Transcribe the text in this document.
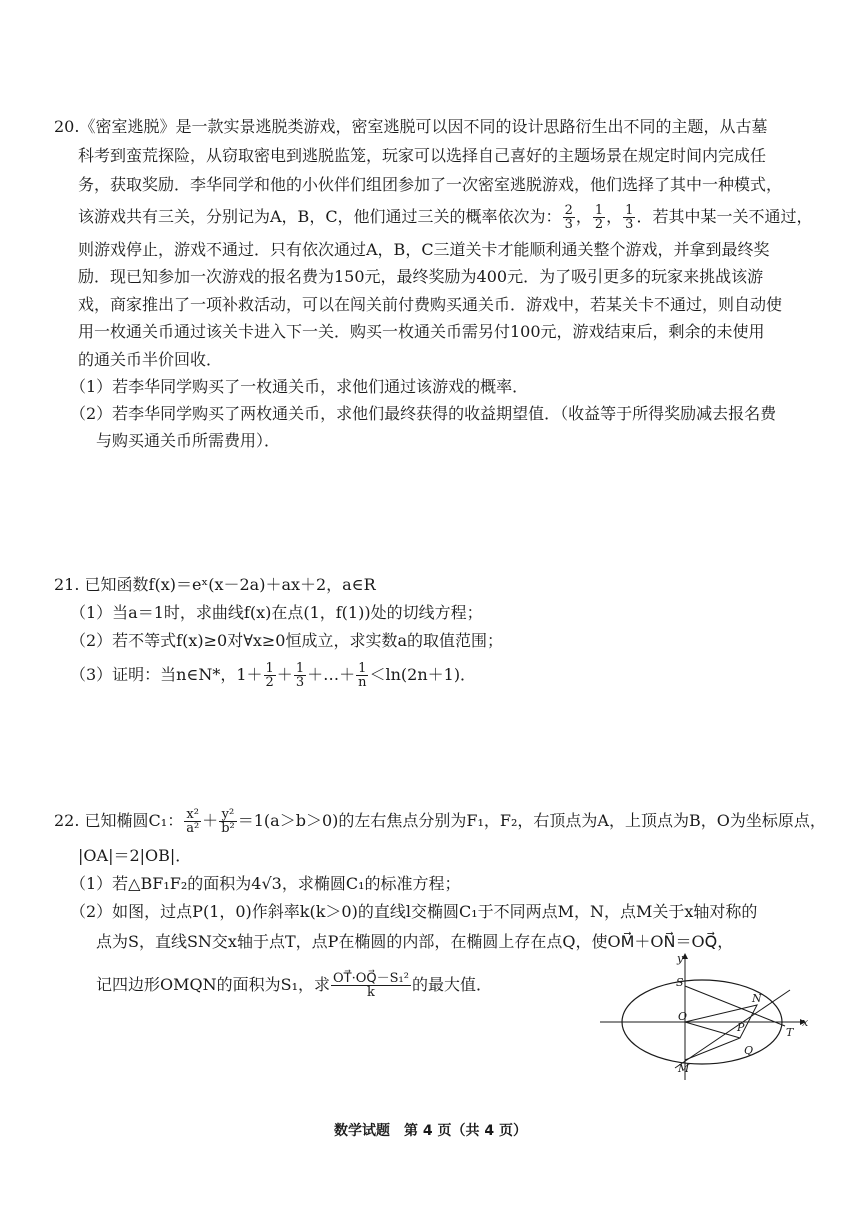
20.《密室逃脱》是一款实景逃脱类游戏，密室逃脱可以因不同的设计思路衍生出不同的主题，从古墓
科考到蛮荒探险，从窃取密电到逃脱监笼，玩家可以选择自己喜好的主题场景在规定时间内完成任
务，获取奖励．李华同学和他的小伙伴们组团参加了一次密室逃脱游戏，他们选择了其中一种模式，
该游戏共有三关，分别记为A，B，C，他们通过三关的概率依次为： $\frac{2}{3}$ ， $\frac{1}{2}$ ， $\frac{1}{3}$ ．若其中某一关不通过，
则游戏停止，游戏不通过．只有依次通过A，B，C三道关卡才能顺利通关整个游戏，并拿到最终奖
励．现已知参加一次游戏的报名费为150元，最终奖励为400元．为了吸引更多的玩家来挑战该游
戏，商家推出了一项补救活动，可以在闯关前付费购买通关币．游戏中，若某关卡不通过，则自动使
用一枚通关币通过该关卡进入下一关．购买一枚通关币需另付100元，游戏结束后，剩余的未使用
的通关币半价回收．
（1）若李华同学购买了一枚通关币，求他们通过该游戏的概率．
（2）若李华同学购买了两枚通关币，求他们最终获得的收益期望值．（收益等于所得奖励减去报名费
与购买通关币所需费用）．
21. 已知函数f(x)＝eˣ(x－2a)＋ax＋2，a∈R
（1）当a＝1时，求曲线f(x)在点(1，f(1))处的切线方程；
（2）若不等式f(x)≥0对∀x≥0恒成立，求实数a的取值范围；
（3）证明：当n∈N*，$1+ \frac{1}{2} + \frac{1}{3}$ ＋…＋ $\frac{1}{n} <\ln(2n+1)$．
22. 已知椭圆C₁： $\frac{\text{x²}}{\text{a²}} + \frac{\text{y²}}{\text{b²}} =1(a>b>0)$的左右焦点分别为F₁，F₂，右顶点为A，上顶点为B，O为坐标原点，
|OA|＝2|OB|．
（1）若△BF₁F₂的面积为4√3，求椭圆C₁的标准方程；
（2）如图，过点P(1，0)作斜率k(k＞0)的直线l交椭圆C₁于不同两点M，N，点M关于x轴对称的
点为S，直线SN交x轴于点T，点P在椭圆的内部，在椭圆上存在点Q，使OM⃗＋ON⃗＝OQ⃗，
记四边形OMQN的面积为S₁，求 $\frac{\text{OT⃗·OQ⃗－S₁²}}{k}$ 的最大值．
y
x
S
N
O
P	T
Q
M
数学试题　第 4 页（共 4 页）
